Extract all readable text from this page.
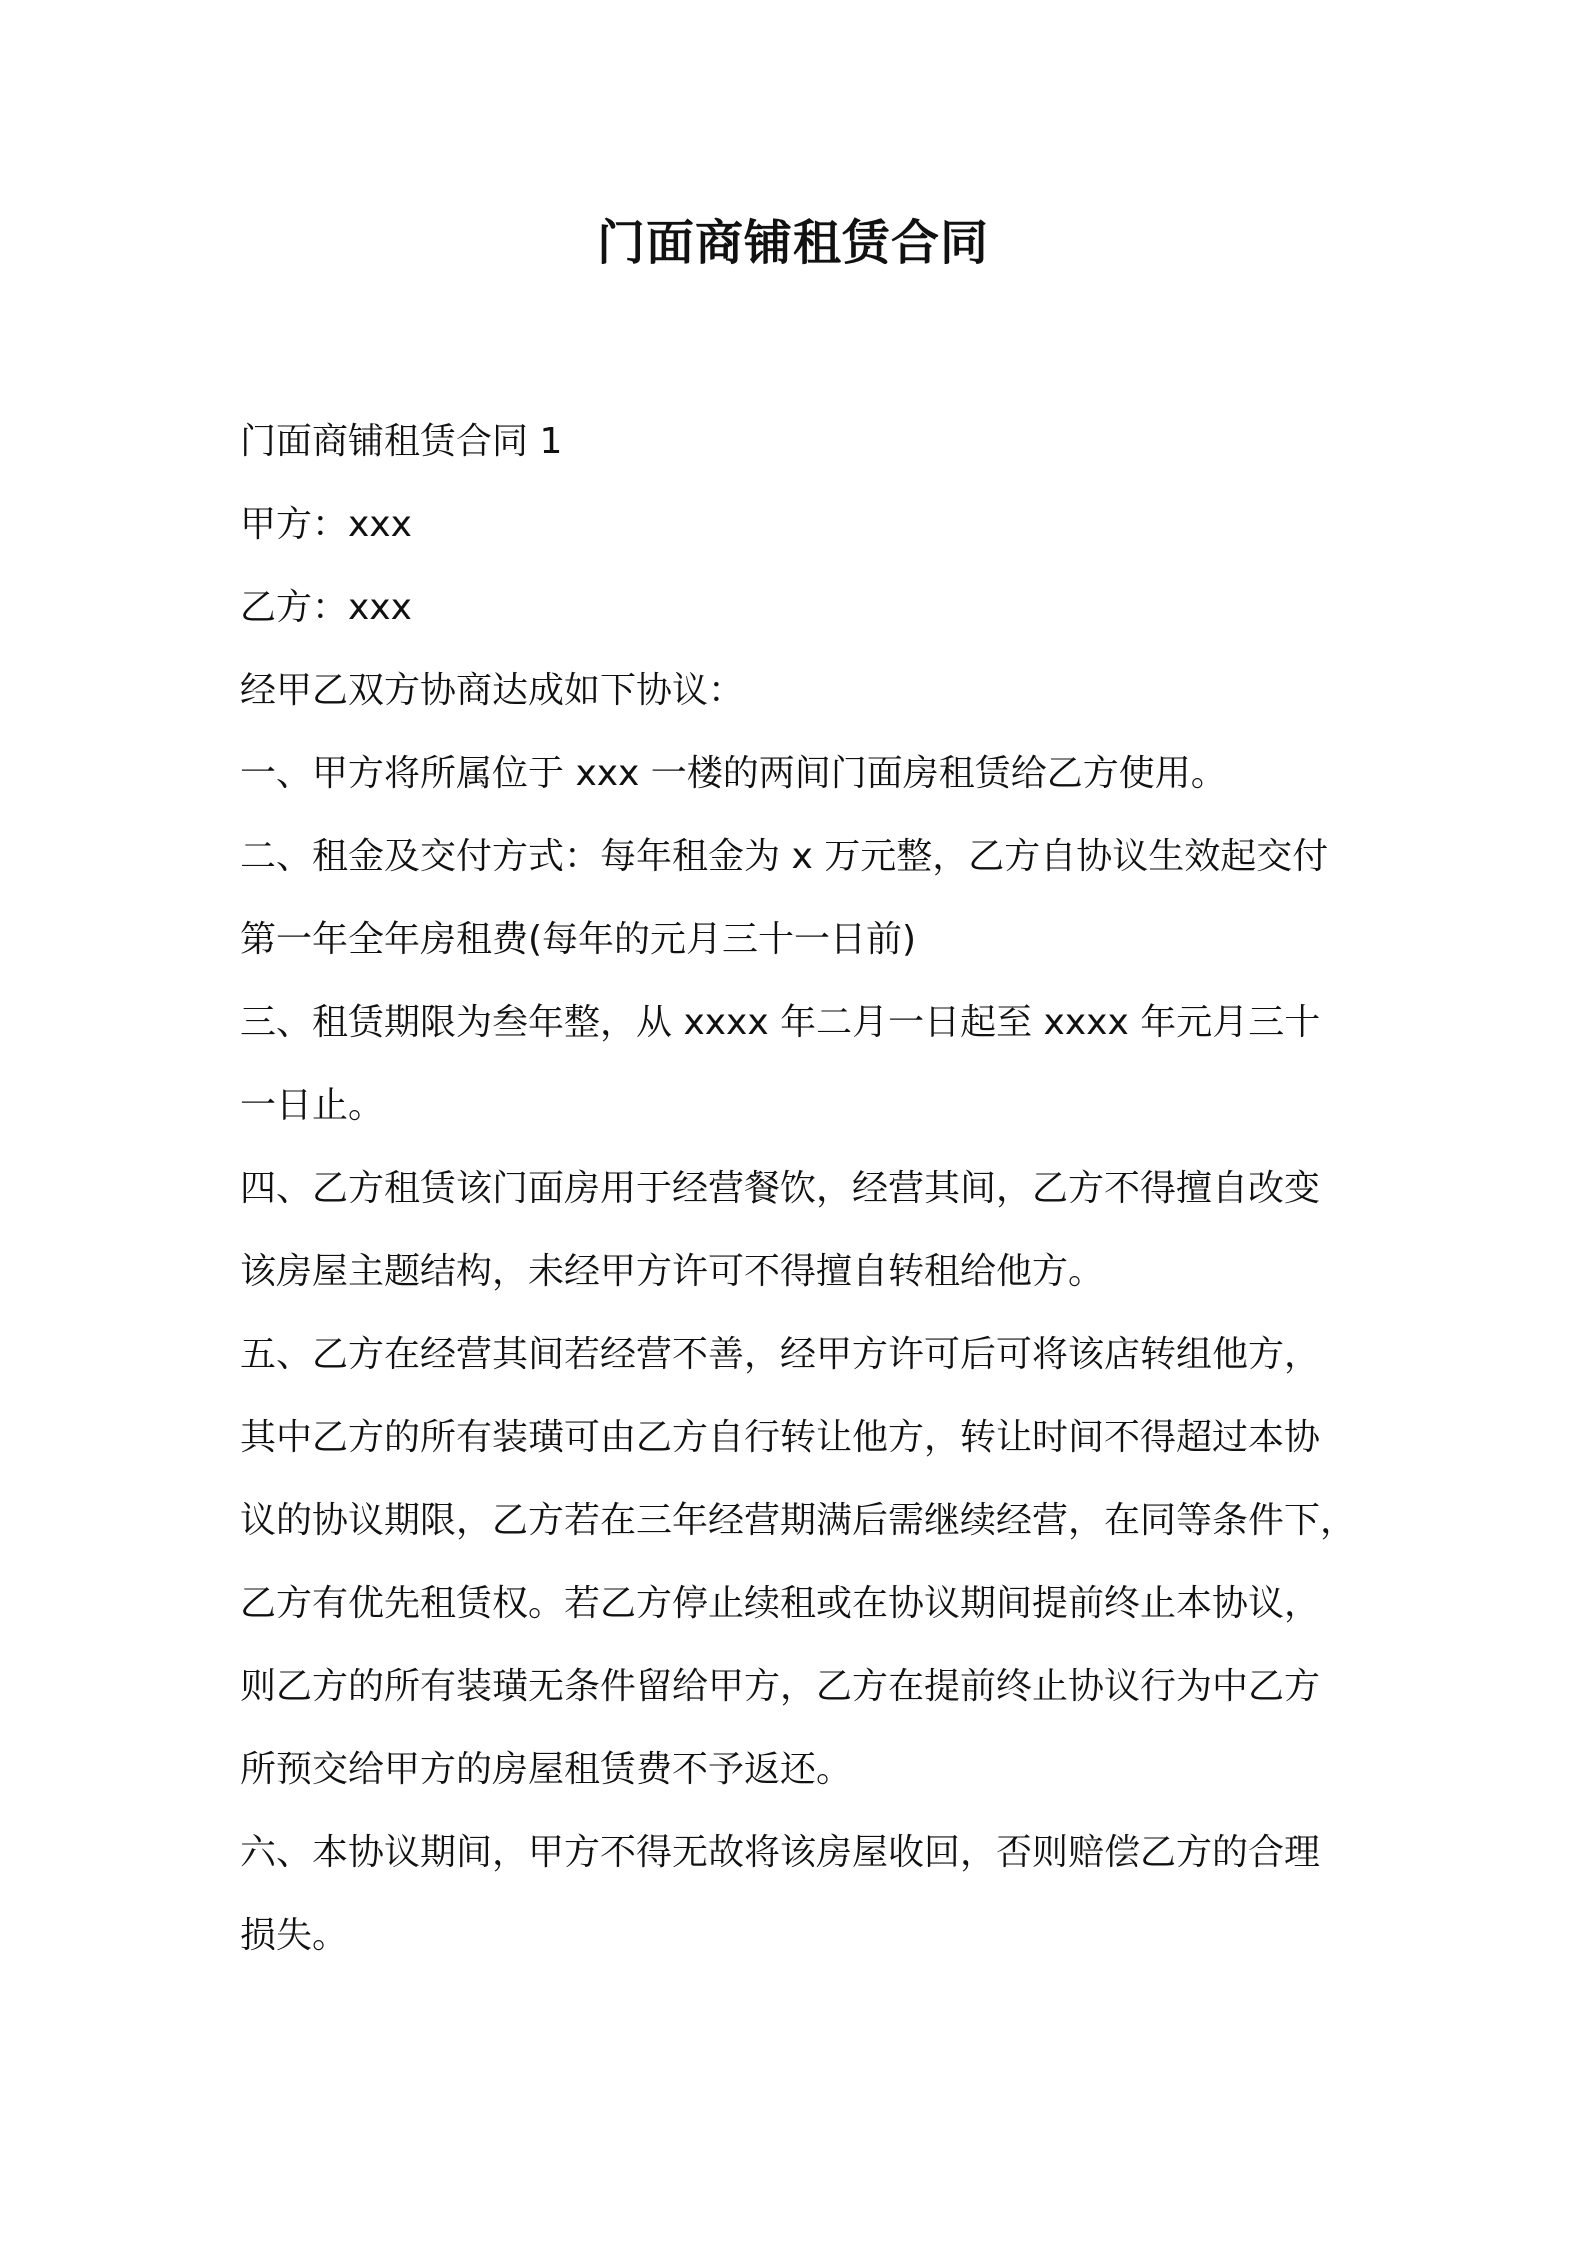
门面商铺租赁合同
门面商铺租赁合同 1
甲方：xxx
乙方：xxx
经甲乙双方协商达成如下协议：
一、甲方将所属位于 xxx 一楼的两间门面房租赁给乙方使用。
二、租金及交付方式：每年租金为 x 万元整，乙方自协议生效起交付
第一年全年房租费(每年的元月三十一日前)
三、租赁期限为叁年整，从 xxxx 年二月一日起至 xxxx 年元月三十
一日止。
四、乙方租赁该门面房用于经营餐饮，经营其间，乙方不得擅自改变
该房屋主题结构，未经甲方许可不得擅自转租给他方。
五、乙方在经营其间若经营不善，经甲方许可后可将该店转组他方，
其中乙方的所有装璜可由乙方自行转让他方，转让时间不得超过本协
议的协议期限，乙方若在三年经营期满后需继续经营，在同等条件下，
乙方有优先租赁权。若乙方停止续租或在协议期间提前终止本协议，
则乙方的所有装璜无条件留给甲方，乙方在提前终止协议行为中乙方
所预交给甲方的房屋租赁费不予返还。
六、本协议期间，甲方不得无故将该房屋收回，否则赔偿乙方的合理
损失。
